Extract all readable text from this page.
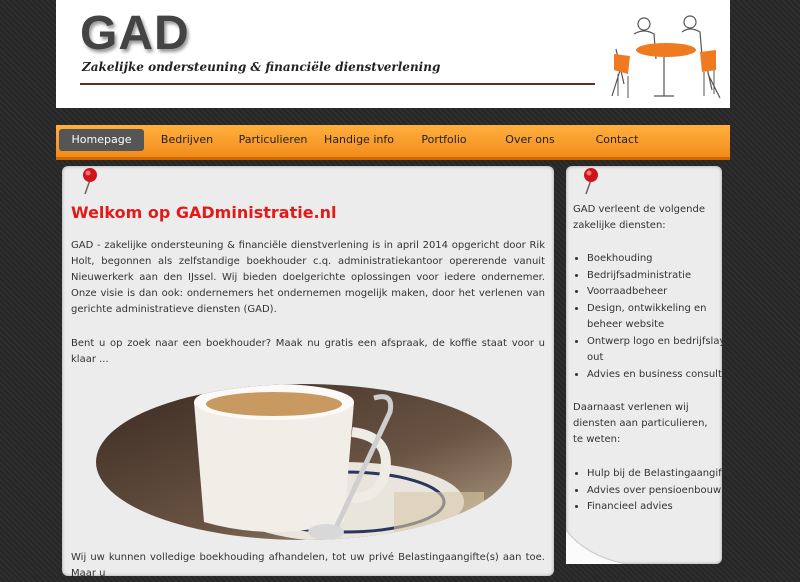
GAD
Zakelijke ondersteuning & financiële dienstverlening
Homepage	Bedrijven	Particulieren	Handige info	Portfolio	Over ons	Contact
Welkom op GADministratie.nl

GAD - zakelijke ondersteuning & financiële dienstverlening is in april 2014 opgericht door Rik Holt, begonnen als zelfstandige boekhouder c.q. administratiekantoor opererende vanuit Nieuwerkerk aan den IJssel. Wij bieden doelgerichte oplossingen voor iedere ondernemer. Onze visie is dan ook: ondernemers het ondernemen mogelijk maken, door het verlenen van gerichte administratieve diensten (GAD).

Bent u op zoek naar een boekhouder? Maak nu gratis een afspraak, de koffie staat voor u klaar ...

Wij uw kunnen volledige boekhouding afhandelen, tot uw privé Belastingaangifte(s) aan toe. Maar u

GAD verleent de volgende zakelijke diensten:

• Boekhouding
• Bedrijfsadministratie
• Voorraadbeheer
• Design, ontwikkeling en beheer website
• Ontwerp logo en bedrijfslay-out
• Advies en business consult

Daarnaast verlenen wij diensten aan particulieren, te weten:

• Hulp bij de Belastingaangifte
• Advies over pensioenbouw
• Financieel advies
